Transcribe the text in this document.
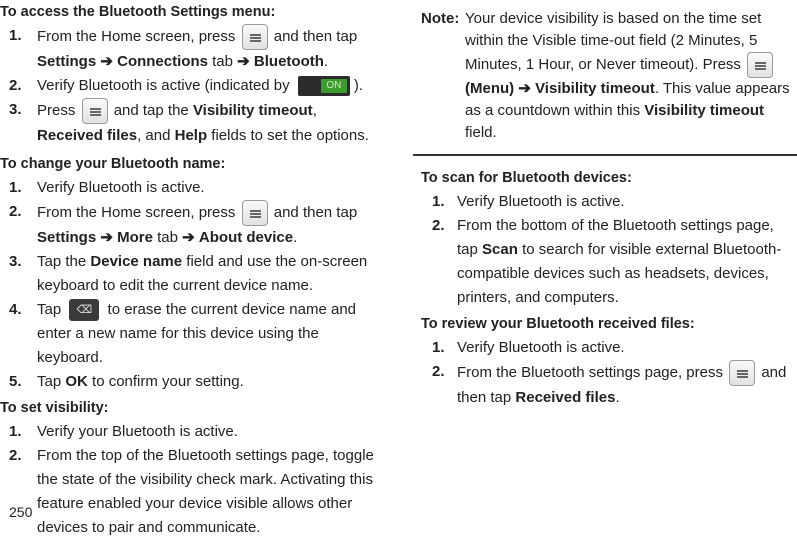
To access the Bluetooth Settings menu:

1. From the Home screen, press	and then tap
Settings ➔ Connections tab ➔ Bluetooth.
2. Verify Bluetooth is active (indicated by	ON ).
3. Press	and tap the Visibility timeout, Received files, and Help fields to set the options.

To change your Bluetooth name:

1. Verify Bluetooth is active.
2. From the Home screen, press	and then tap
Settings ➔ More tab ➔ About device.
3. Tap the Device name field and use the on-screen keyboard to edit the current device name.
4. Tap ⌫ to erase the current device name and enter a new name for this device using the keyboard.
5. Tap OK to confirm your setting.

To set visibility:

1. Verify your Bluetooth is active.
2. From the top of the Bluetooth settings page, toggle the state of the visibility check mark. Activating this feature enabled your device visible allows other devices to pair and communicate.
Note: Your device visibility is based on the time set within the Visible time-out field (2 Minutes, 5 Minutes, 1 Hour, or Never timeout). Press  (Menu) ➔ Visibility timeout. This value appears as a countdown within this Visibility timeout field.

To scan for Bluetooth devices:

1. Verify Bluetooth is active.
2. From the bottom of the Bluetooth settings page, tap Scan to search for visible external Bluetooth-compatible devices such as headsets, devices, printers, and computers.

To review your Bluetooth received files:

1. Verify Bluetooth is active.
2. From the Bluetooth settings page, press	and then tap Received files.
250
